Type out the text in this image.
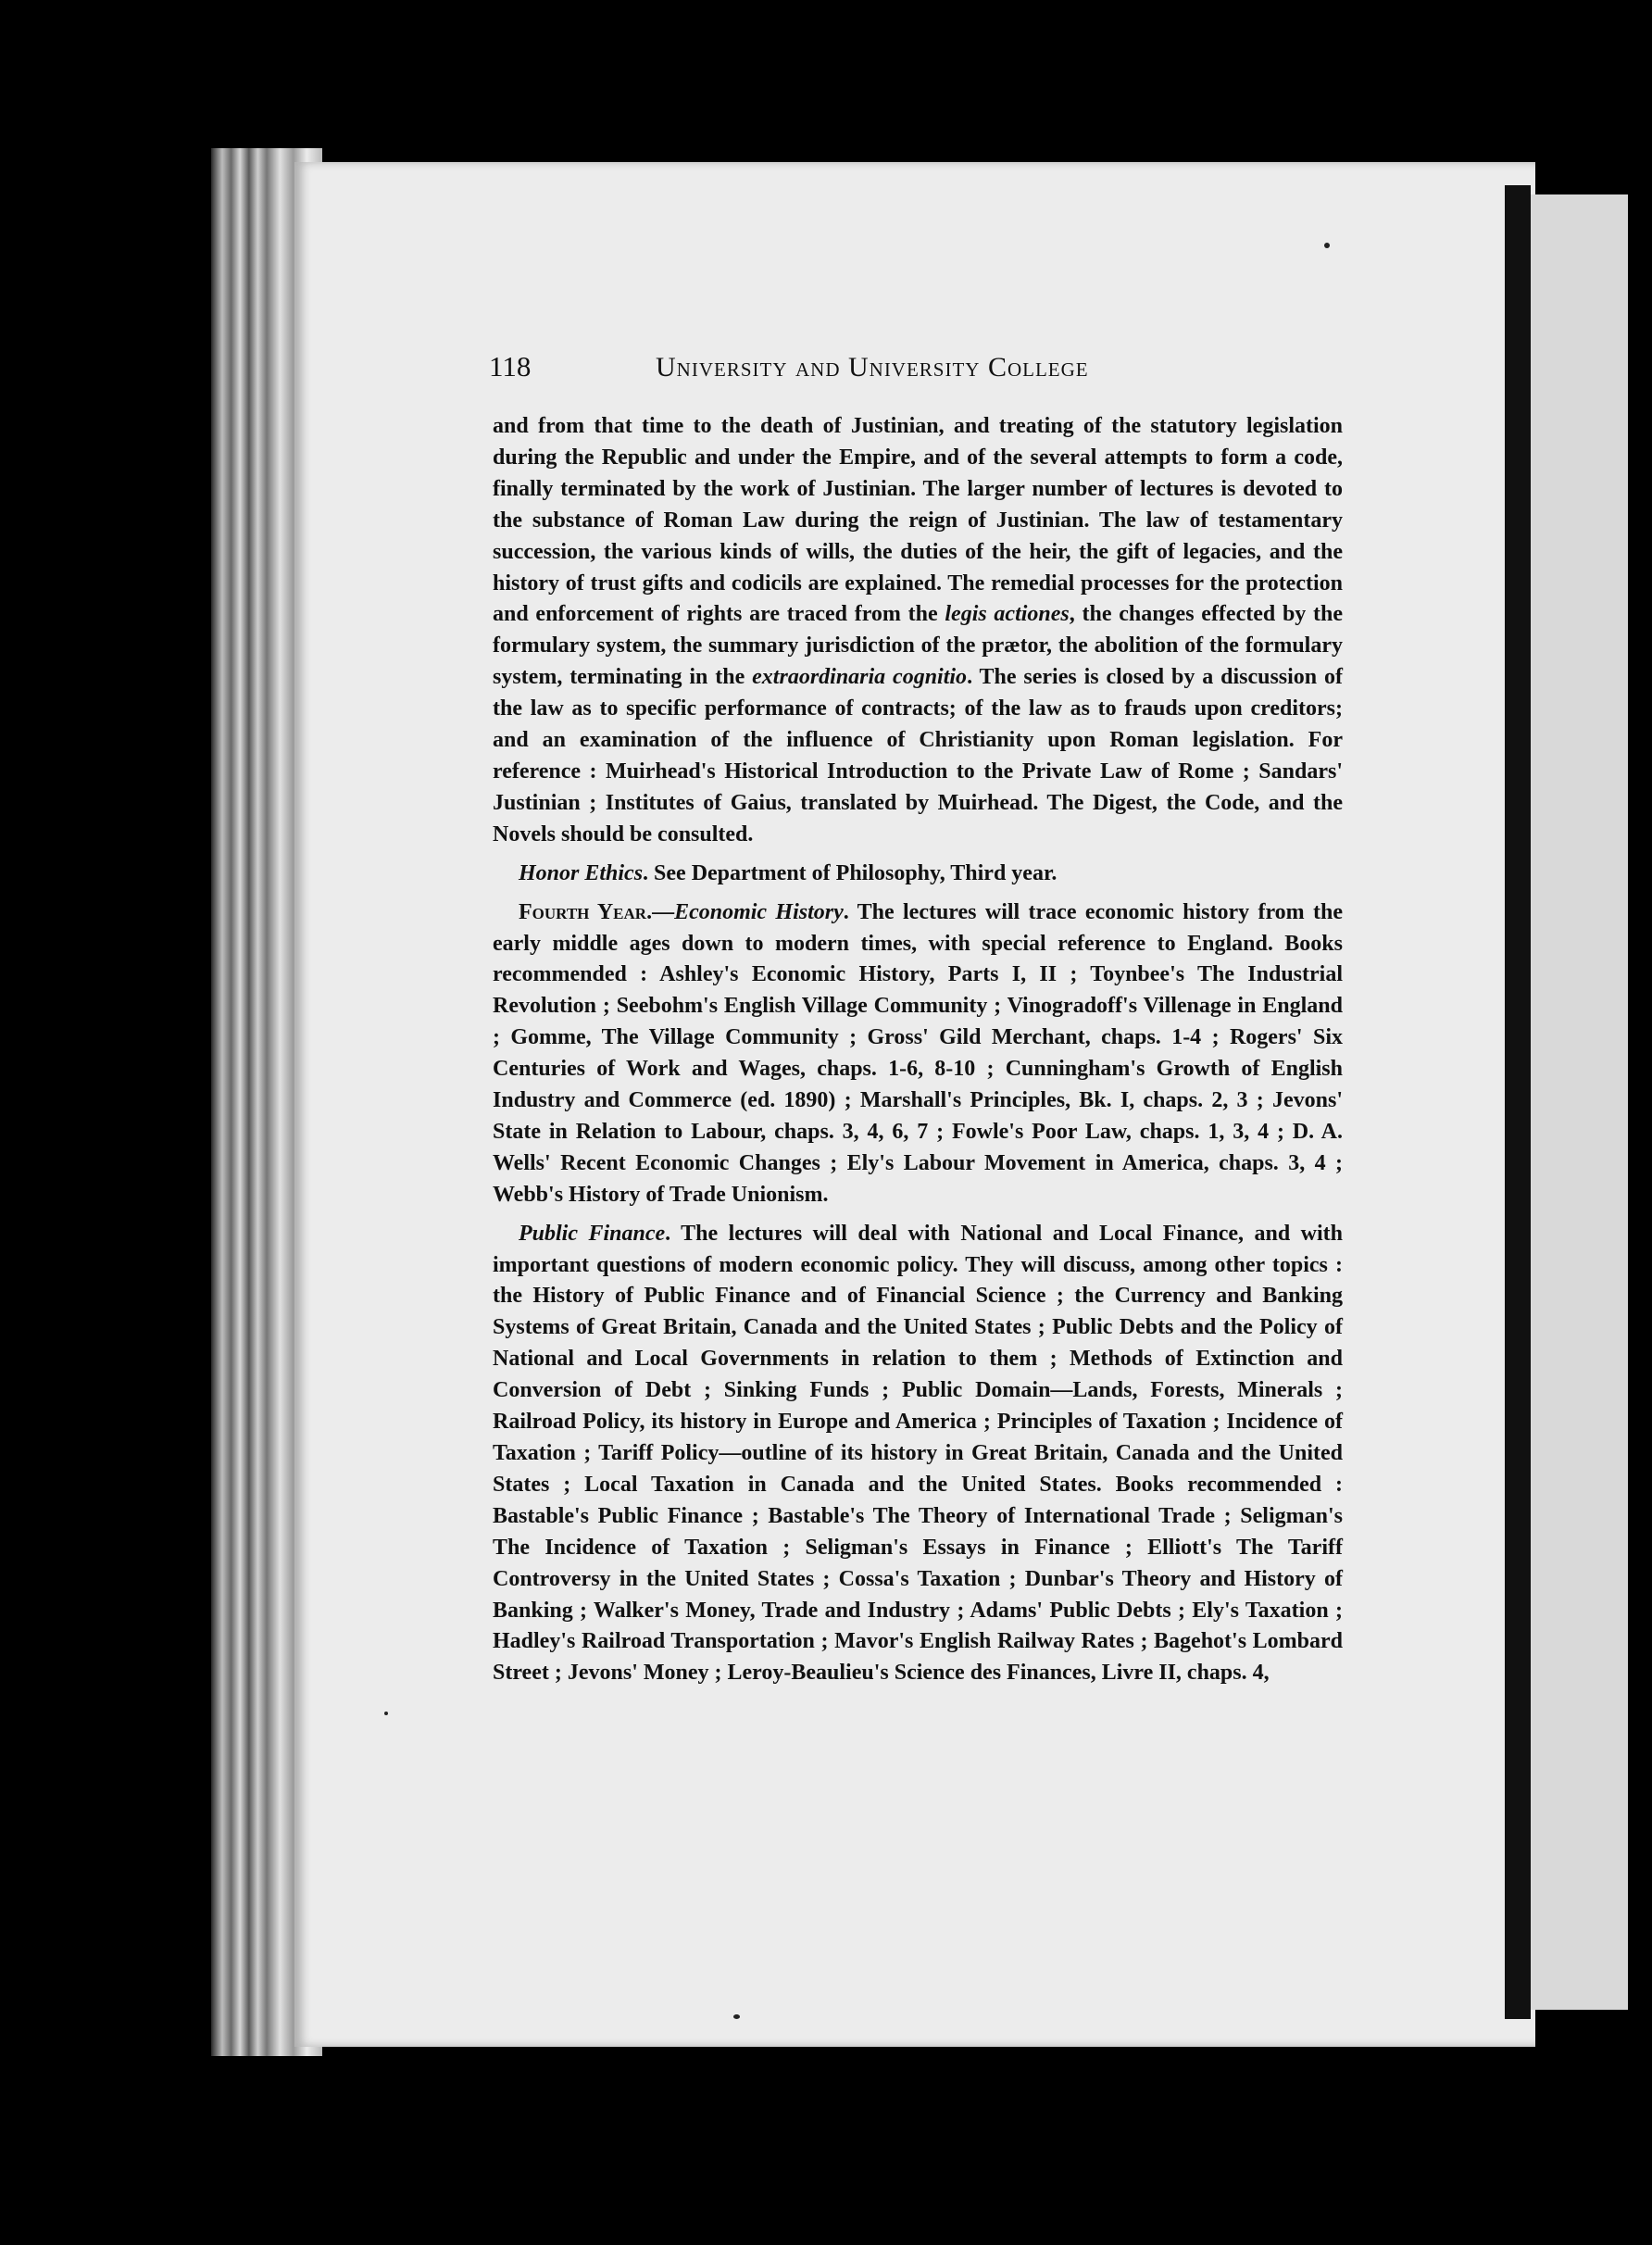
118	University and University College

and from that time to the death of Justinian, and treating of the statutory legislation during the Republic and under the Empire, and of the several attempts to form a code, finally terminated by the work of Justinian. The larger number of lectures is devoted to the substance of Roman Law during the reign of Justinian. The law of testamentary succession, the various kinds of wills, the duties of the heir, the gift of legacies, and the history of trust gifts and codicils are explained. The remedial processes for the protection and enforcement of rights are traced from the legis actiones, the changes effected by the formulary system, the summary jurisdiction of the prætor, the abolition of the formulary system, terminating in the extraordinaria cognitio. The series is closed by a discussion of the law as to specific performance of contracts; of the law as to frauds upon creditors; and an examination of the influence of Christianity upon Roman legislation. For reference : Muirhead's Historical Introduction to the Private Law of Rome ; Sandars' Justinian ; Institutes of Gaius, translated by Muirhead. The Digest, the Code, and the Novels should be consulted.

Honor Ethics. See Department of Philosophy, Third year.

Fourth Year.—Economic History. The lectures will trace economic history from the early middle ages down to modern times, with special reference to England. Books recommended : Ashley's Economic History, Parts I, II ; Toynbee's The Industrial Revolution ; Seebohm's English Village Community ; Vinogradoff's Villenage in England ; Gomme, The Village Community ; Gross' Gild Merchant, chaps. 1-4 ; Rogers' Six Centuries of Work and Wages, chaps. 1-6, 8-10 ; Cunningham's Growth of English Industry and Commerce (ed. 1890) ; Marshall's Principles, Bk. I, chaps. 2, 3 ; Jevons' State in Relation to Labour, chaps. 3, 4, 6, 7 ; Fowle's Poor Law, chaps. 1, 3, 4 ; D. A. Wells' Recent Economic Changes ; Ely's Labour Movement in America, chaps. 3, 4 ; Webb's History of Trade Unionism.

Public Finance. The lectures will deal with National and Local Finance, and with important questions of modern economic policy. They will discuss, among other topics : the History of Public Finance and of Financial Science ; the Currency and Banking Systems of Great Britain, Canada and the United States ; Public Debts and the Policy of National and Local Governments in relation to them ; Methods of Extinction and Conversion of Debt ; Sinking Funds ; Public Domain—Lands, Forests, Minerals ; Railroad Policy, its history in Europe and America ; Principles of Taxation ; Incidence of Taxation ; Tariff Policy—outline of its history in Great Britain, Canada and the United States ; Local Taxation in Canada and the United States. Books recommended : Bastable's Public Finance ; Bastable's The Theory of International Trade ; Seligman's The Incidence of Taxation ; Seligman's Essays in Finance ; Elliott's The Tariff Controversy in the United States ; Cossa's Taxation ; Dunbar's Theory and History of Banking ; Walker's Money, Trade and Industry ; Adams' Public Debts ; Ely's Taxation ; Hadley's Railroad Transportation ; Mavor's English Railway Rates ; Bagehot's Lombard Street ; Jevons' Money ; Leroy-Beaulieu's Science des Finances, Livre II, chaps. 4,
